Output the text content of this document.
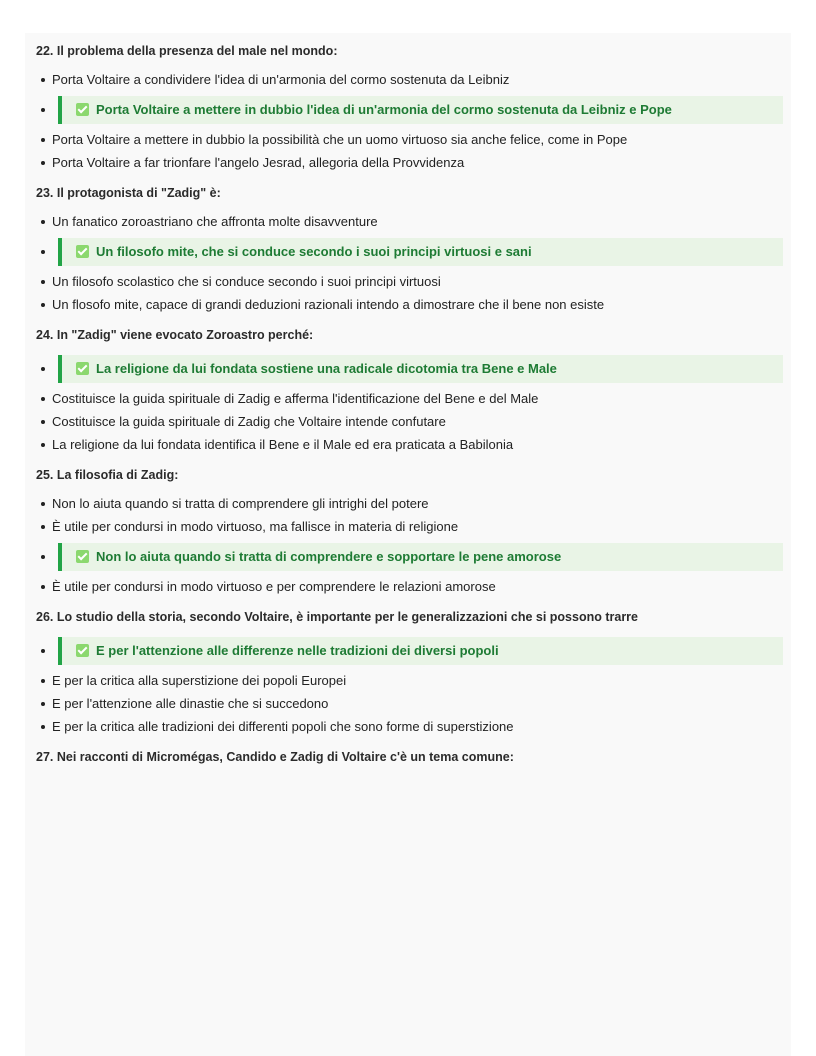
22. Il problema della presenza del male nel mondo:
Porta Voltaire a condividere l'idea di un'armonia del cormo sostenuta da Leibniz
Porta Voltaire a mettere in dubbio l'idea di un'armonia del cormo sostenuta da Leibniz e Pope
Porta Voltaire a mettere in dubbio la possibilità che un uomo virtuoso sia anche felice, come in Pope
Porta Voltaire a far trionfare l'angelo Jesrad, allegoria della Provvidenza
23. Il protagonista di "Zadig" è:
Un fanatico zoroastriano che affronta molte disavventure
Un filosofo mite, che si conduce secondo i suoi principi virtuosi e sani
Un filosofo scolastico che si conduce secondo i suoi principi virtuosi
Un flosofo mite, capace di grandi deduzioni razionali intendo a dimostrare che il bene non esiste
24. In "Zadig" viene evocato Zoroastro perché:
La religione da lui fondata sostiene una radicale dicotomia tra Bene e Male
Costituisce la guida spirituale di Zadig e afferma l'identificazione del Bene e del Male
Costituisce la guida spirituale di Zadig che Voltaire intende confutare
La religione da lui fondata identifica il Bene e il Male ed era praticata a Babilonia
25. La filosofia di Zadig:
Non lo aiuta quando si tratta di comprendere gli intrighi del potere
È utile per condursi in modo virtuoso, ma fallisce in materia di religione
Non lo aiuta quando si tratta di comprendere e sopportare le pene amorose
È utile per condursi in modo virtuoso e per comprendere le relazioni amorose
26. Lo studio della storia, secondo Voltaire, è importante per le generalizzazioni che si possono trarre
E per l'attenzione alle differenze nelle tradizioni dei diversi popoli
E per la critica alla superstizione dei popoli Europei
E per l'attenzione alle dinastie che si succedono
E per la critica alle tradizioni dei differenti popoli che sono forme di superstizione
27. Nei racconti di Micromégas, Candido e Zadig di Voltaire c'è un tema comune:
